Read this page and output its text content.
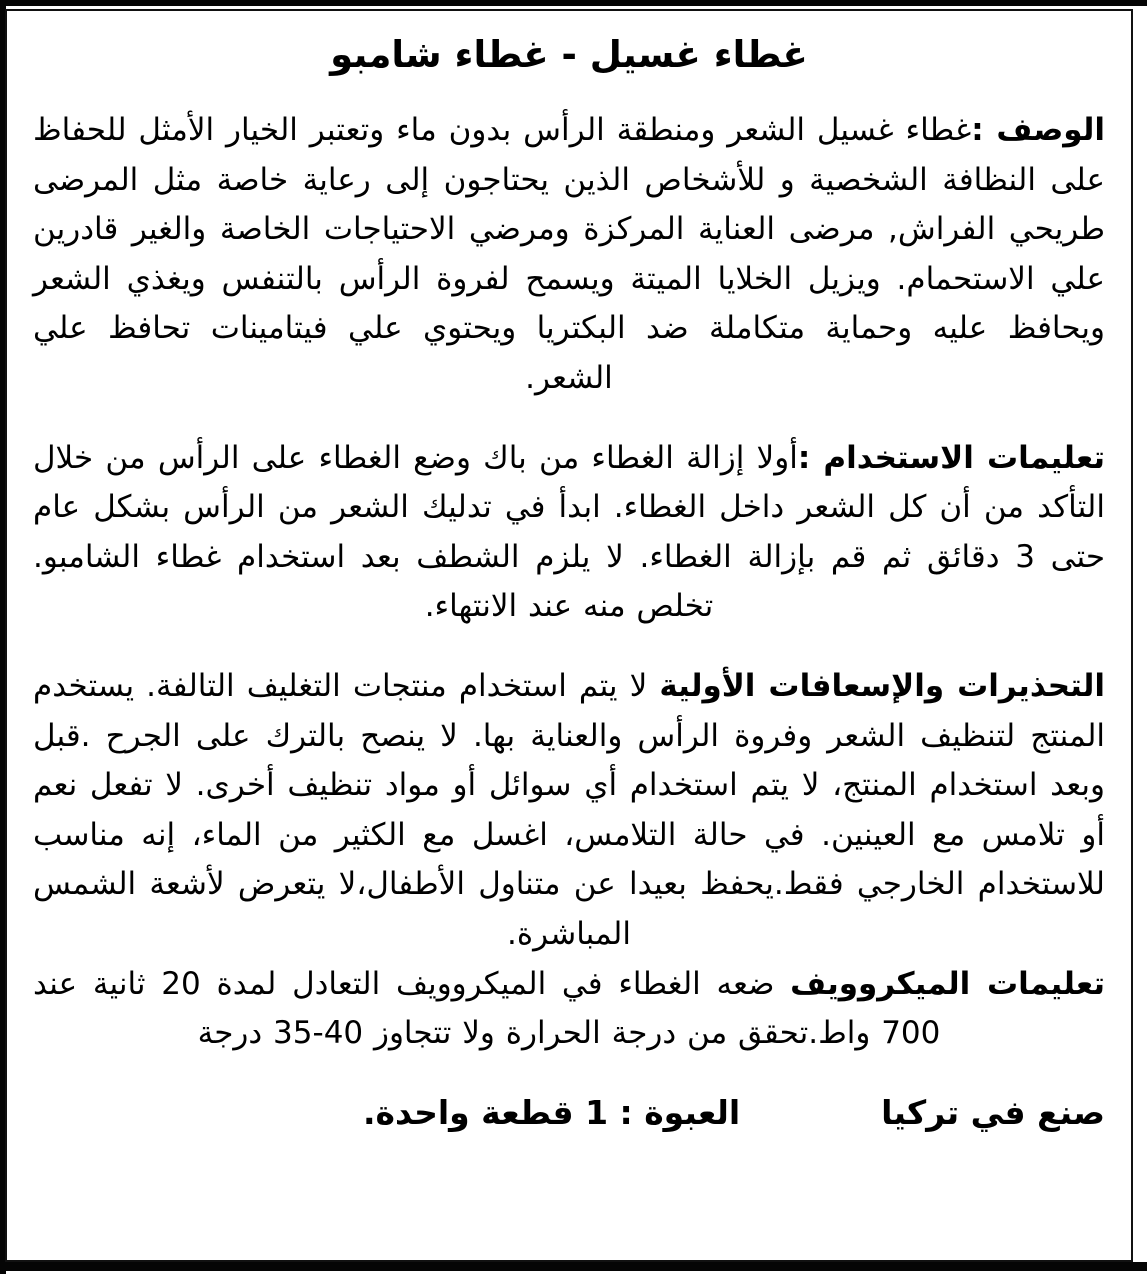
غطاء غسيل - غطاء شامبو

الوصف :غطاء غسيل الشعر ومنطقة الرأس بدون ماء وتعتبر الخيار الأمثل للحفاظ على النظافة الشخصية و للأشخاص الذين يحتاجون إلى رعاية خاصة مثل المرضى طريحي الفراش, مرضى العناية المركزة ومرضي الاحتياجات الخاصة والغير قادرين علي الاستحمام. ويزيل الخلايا الميتة ويسمح لفروة الرأس بالتنفس ويغذي الشعر ويحافظ عليه وحماية متكاملة ضد البكتريا ويحتوي علي فيتامينات تحافظ علي الشعر.

تعليمات الاستخدام :أولا إزالة الغطاء من باك وضع الغطاء على الرأس من خلال التأكد من أن كل الشعر داخل الغطاء. ابدأ في تدليك الشعر من الرأس بشكل عام حتى 3 دقائق ثم قم بإزالة الغطاء. لا يلزم الشطف بعد استخدام غطاء الشامبو. تخلص منه عند الانتهاء.

التحذيرات والإسعافات الأولية لا يتم استخدام منتجات التغليف التالفة. يستخدم المنتج لتنظيف الشعر وفروة الرأس والعناية بها. لا ينصح بالترك على الجرح .قبل وبعد استخدام المنتج، لا يتم استخدام أي سوائل أو مواد تنظيف أخرى. لا تفعل نعم أو تلامس مع العينين. في حالة التلامس، اغسل مع الكثير من الماء، إنه مناسب للاستخدام الخارجي فقط.يحفظ بعيدا عن متناول الأطفال،لا يتعرض لأشعة الشمس المباشرة.

تعليمات الميكروويف ضعه الغطاء في الميكروويف التعادل لمدة 20 ثانية عند 700 واط.تحقق من درجة الحرارة ولا تتجاوز 40-35 درجة

صنع في تركيا
العبوة : 1 قطعة واحدة.
